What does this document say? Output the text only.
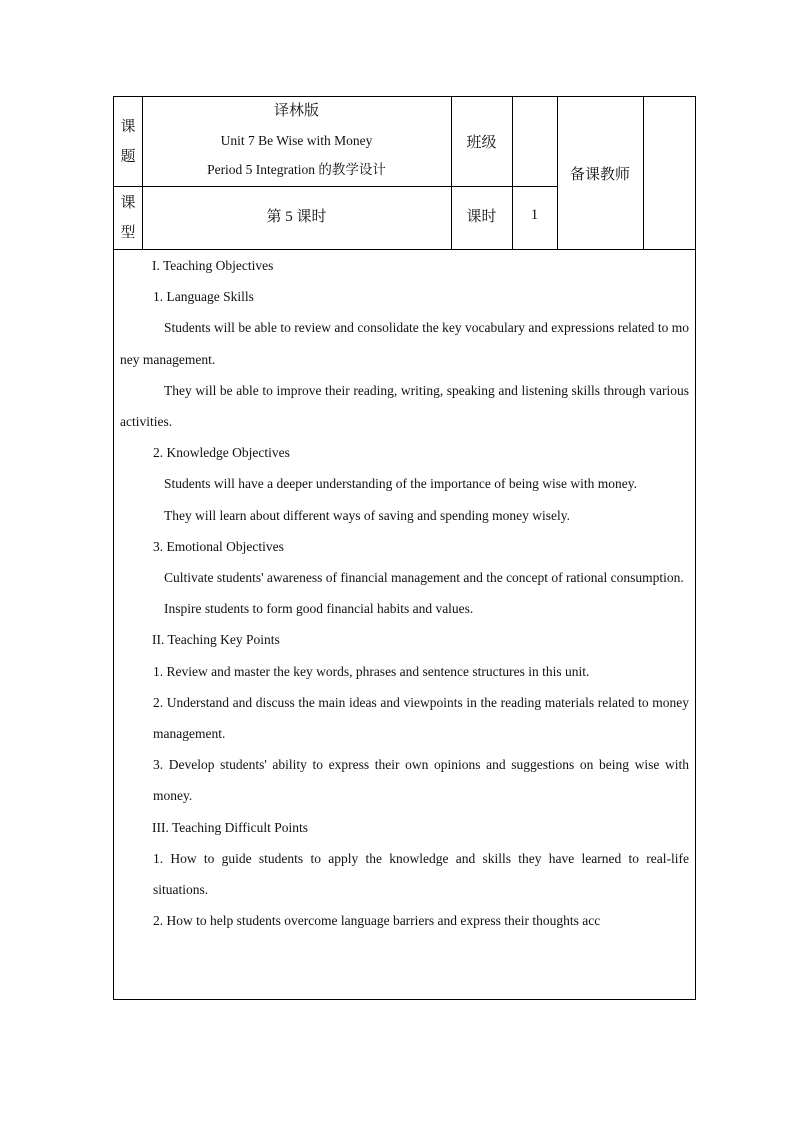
课
题
译林版
Unit 7 Be Wise with Money
Period 5 Integration 的教学设计
班级
备课教师
课
型
第 5 课时	课时	1

I. Teaching Objectives

1. Language Skills

Students will be able to review and consolidate the key vocabulary and expressions related to money management.

They will be able to improve their reading, writing, speaking and listening skills through various activities.

2. Knowledge Objectives

Students will have a deeper understanding of the importance of being wise with money.

They will learn about different ways of saving and spending money wisely.

3. Emotional Objectives

Cultivate students' awareness of financial management and the concept of rational consumption.

Inspire students to form good financial habits and values.

II. Teaching Key Points

1. Review and master the key words, phrases and sentence structures in this unit.

2. Understand and discuss the main ideas and viewpoints in the reading materials related to money management.

3. Develop students' ability to express their own opinions and suggestions on being wise with money.

III. Teaching Difficult Points

1. How to guide students to apply the knowledge and skills they have learned to real-life situations.

2. How to help students overcome language barriers and express their thoughts acc
